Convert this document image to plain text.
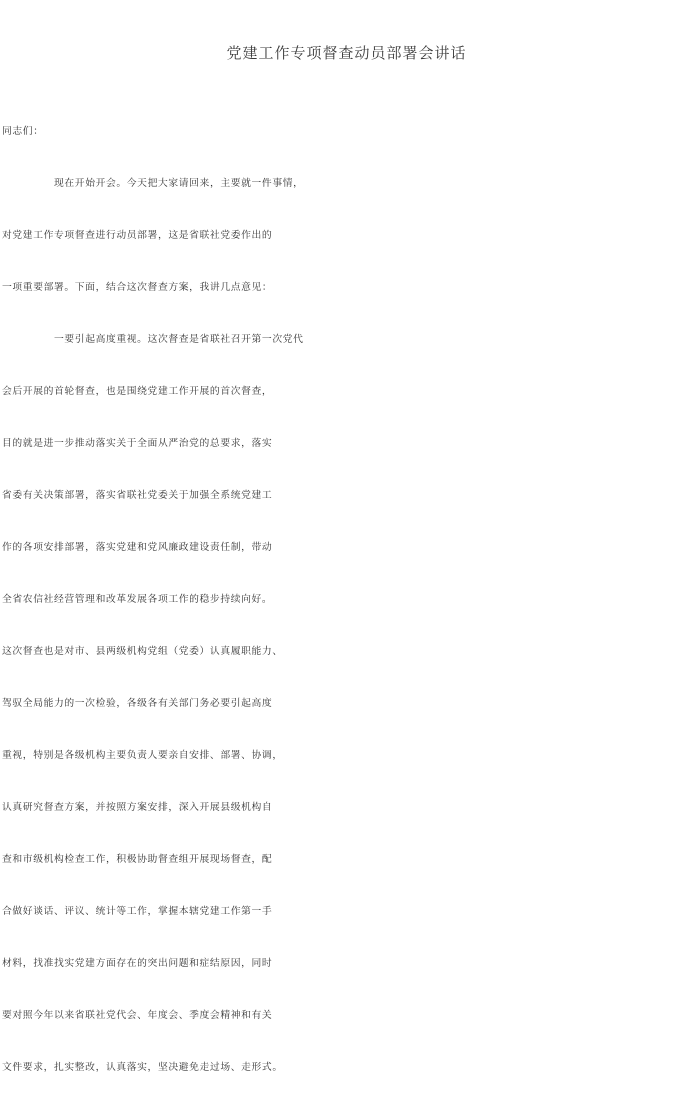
党建工作专项督查动员部署会讲话
同志们：
现在开始开会。今天把大家请回来，主要就一件事情，
对党建工作专项督查进行动员部署，这是省联社党委作出的
一项重要部署。下面，结合这次督查方案，我讲几点意见：
一要引起高度重视。这次督查是省联社召开第一次党代
会后开展的首轮督查，也是围绕党建工作开展的首次督查，
目的就是进一步推动落实关于全面从严治党的总要求，落实
省委有关决策部署，落实省联社党委关于加强全系统党建工
作的各项安排部署，落实党建和党风廉政建设责任制，带动
全省农信社经营管理和改革发展各项工作的稳步持续向好。
这次督查也是对市、县两级机构党组（党委）认真履职能力、
驾驭全局能力的一次检验，各级各有关部门务必要引起高度
重视，特别是各级机构主要负责人要亲自安排、部署、协调，
认真研究督查方案，并按照方案安排，深入开展县级机构自
查和市级机构检查工作，积极协助督查组开展现场督查，配
合做好谈话、评议、统计等工作，掌握本辖党建工作第一手
材料，找准找实党建方面存在的突出问题和症结原因，同时
要对照今年以来省联社党代会、年度会、季度会精神和有关
文件要求，扎实整改，认真落实，坚决避免走过场、走形式。
